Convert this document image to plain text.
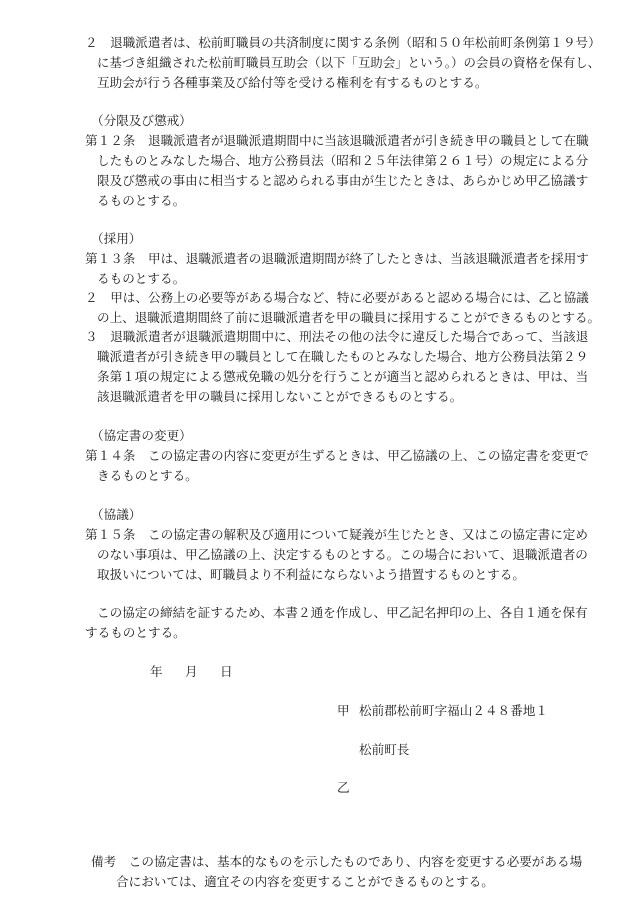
２　退職派遣者は、松前町職員の共済制度に関する条例（昭和５０年松前町条例第１９号）
に基づき組織された松前町職員互助会（以下「互助会」という。）の会員の資格を保有し、
互助会が行う各種事業及び給付等を受ける権利を有するものとする。
（分限及び懲戒）
第１２条　退職派遣者が退職派遣期間中に当該退職派遣者が引き続き甲の職員として在職
したものとみなした場合、地方公務員法（昭和２５年法律第２６１号）の規定による分
限及び懲戒の事由に相当すると認められる事由が生じたときは、あらかじめ甲乙協議す
るものとする。
（採用）
第１３条　甲は、退職派遣者の退職派遣期間が終了したときは、当該退職派遣者を採用す
るものとする。
２　甲は、公務上の必要等がある場合など、特に必要があると認める場合には、乙と協議
の上、退職派遣期間終了前に退職派遣者を甲の職員に採用することができるものとする。
３　退職派遣者が退職派遣期間中に、刑法その他の法令に違反した場合であって、当該退
職派遣者が引き続き甲の職員として在職したものとみなした場合、地方公務員法第２９
条第１項の規定による懲戒免職の処分を行うことが適当と認められるときは、甲は、当
該退職派遣者を甲の職員に採用しないことができるものとする。
（協定書の変更）
第１４条　この協定書の内容に変更が生ずるときは、甲乙協議の上、この協定書を変更で
きるものとする。
（協議）
第１５条　この協定書の解釈及び適用について疑義が生じたとき、又はこの協定書に定め
のない事項は、甲乙協議の上、決定するものとする。この場合において、退職派遣者の
取扱いについては、町職員より不利益にならないよう措置するものとする。
この協定の締結を証するため、本書２通を作成し、甲乙記名押印の上、各自１通を保有
するものとする。
年 月 日
甲 松前郡松前町字福山２４８番地１
松前町長
乙
備考　この協定書は、基本的なものを示したものであり、内容を変更する必要がある場
合においては、適宜その内容を変更することができるものとする。
